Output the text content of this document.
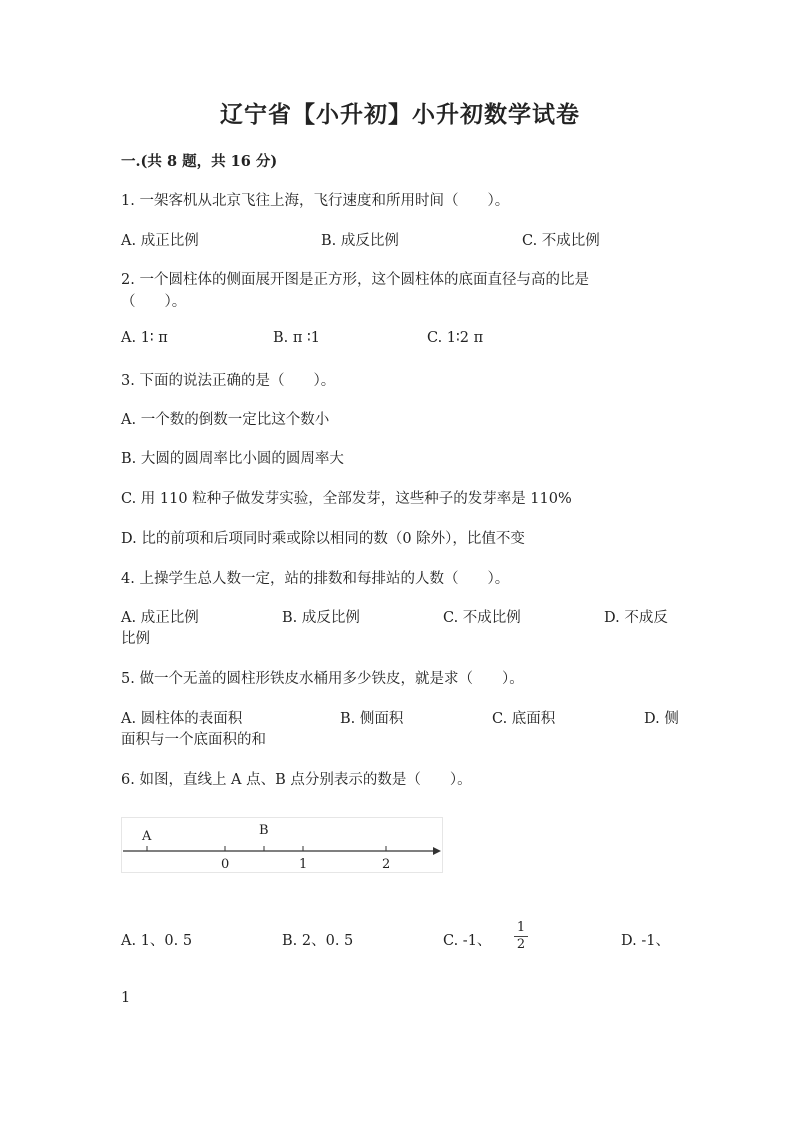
辽宁省【小升初】小升初数学试卷
一.(共 8 题，共 16 分)
1. 一架客机从北京飞往上海，飞行速度和所用时间（　　）。
A. 成正比例	B. 成反比例	C. 不成比例
2. 一个圆柱体的侧面展开图是正方形，这个圆柱体的底面直径与高的比是
（　　）。
A. 1∶ π	B. π ∶1	C. 1∶2 π
3. 下面的说法正确的是（　　）。
A. 一个数的倒数一定比这个数小
B. 大圆的圆周率比小圆的圆周率大
C. 用 110 粒种子做发芽实验，全部发芽，这些种子的发芽率是 110%
D. 比的前项和后项同时乘或除以相同的数（0 除外），比值不变
4. 上操学生总人数一定，站的排数和每排站的人数（　　）。
A. 成正比例	B. 成反比例	C. 不成比例	D. 不成反
比例
5. 做一个无盖的圆柱形铁皮水桶用多少铁皮，就是求（　　）。
A. 圆柱体的表面积	B. 侧面积	C. 底面积	D. 侧
面积与一个底面积的和
6. 如图，直线上 A 点、B 点分别表示的数是（　　）。
A	B
0	1	2
A. 1、0. 5	B. 2、0. 5	C. -1、
1
2	D. -1、
1
